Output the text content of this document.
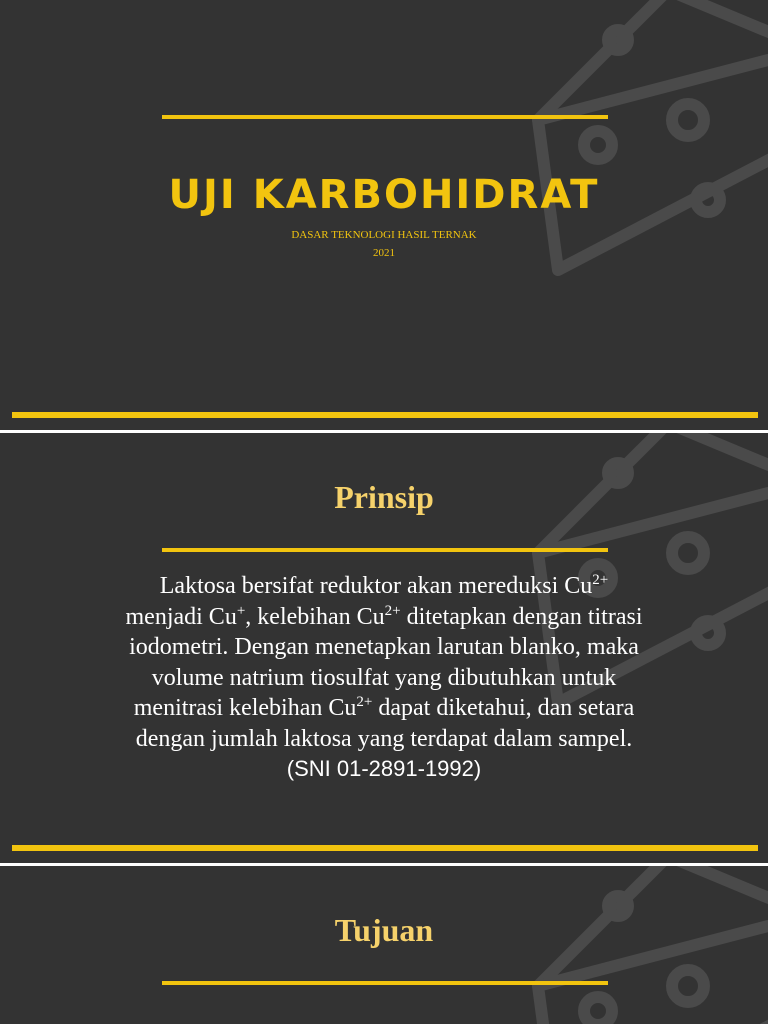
UJI KARBOHIDRAT

DASAR TEKNOLOGI HASIL TERNAK

2021

Prinsip

Laktosa bersifat reduktor akan mereduksi $Cu^{2+}$
menjadi Cu+, kelebihan $Cu^{2+}$ ditetapkan dengan titrasi
iodometri. Dengan menetapkan larutan blanko, maka
volume natrium tiosulfat yang dibutuhkan untuk
menitrasi kelebihan $Cu^{2+}$ dapat diketahui, dan setara
dengan jumlah laktosa yang terdapat dalam sampel.
(SNI 01-2891-1992)

Tujuan
